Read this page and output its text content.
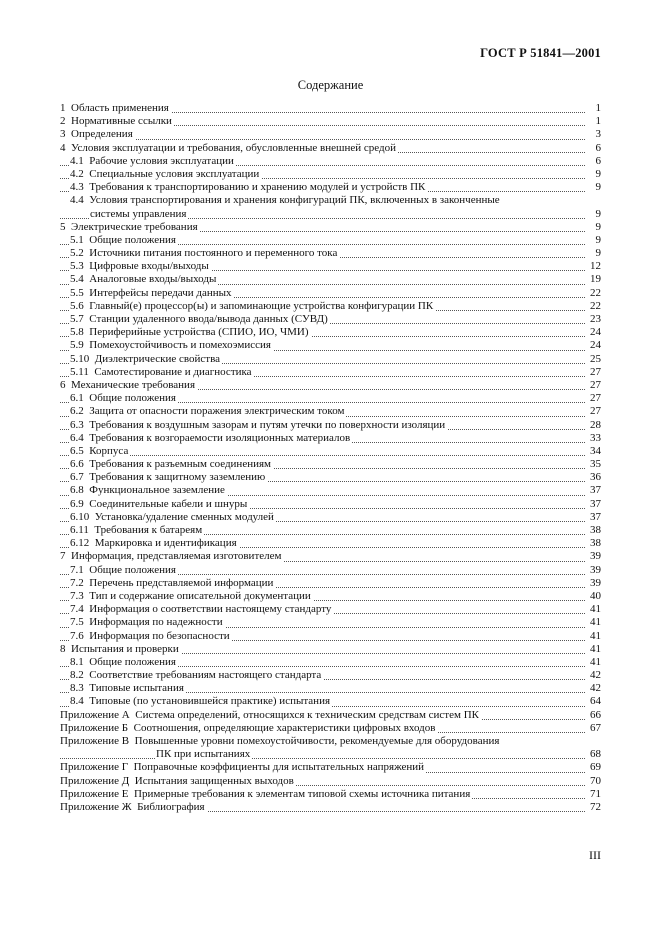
ГОСТ Р 51841—2001
Содержание
1 Область применения	1
2 Нормативные ссылки	1
3 Определения	3
4 Условия эксплуатации и требования, обусловленные внешней средой	6
4.1 Рабочие условия эксплуатации	6
4.2 Специальные условия эксплуатации	9
4.3 Требования к транспортированию и хранению модулей и устройств ПК	9
4.4 Условия транспортирования и хранения конфигураций ПК, включенных в законченные
системы управления	9
5 Электрические требования	9
5.1 Общие положения	9
5.2 Источники питания постоянного и переменного тока	9
5.3 Цифровые входы/выходы	12
5.4 Аналоговые входы/выходы	19
5.5 Интерфейсы передачи данных	22
5.6 Главный(е) процессор(ы) и запоминающие устройства конфигурации ПК	22
5.7 Станции удаленного ввода/вывода данных (СУВД)	23
5.8 Периферийные устройства (СПИО, ИО, ЧМИ)	24
5.9 Помехоустойчивость и помехоэмиссия	24
5.10 Диэлектрические свойства	25
5.11 Самотестирование и диагностика	27
6 Механические требования	27
6.1 Общие положения	27
6.2 Защита от опасности поражения электрическим током	27
6.3 Требования к воздушным зазорам и путям утечки по поверхности изоляции	28
6.4 Требования к возгораемости изоляционных материалов	33
6.5 Корпуса	34
6.6 Требования к разъемным соединениям	35
6.7 Требования к защитному заземлению	36
6.8 Функциональное заземление	37
6.9 Соединительные кабели и шнуры	37
6.10 Установка/удаление сменных модулей	37
6.11 Требования к батареям	38
6.12 Маркировка и идентификация	38
7 Информация, представляемая изготовителем	39
7.1 Общие положения	39
7.2 Перечень представляемой информации	39
7.3 Тип и содержание описательной документации	40
7.4 Информация о соответствии настоящему стандарту	41
7.5 Информация по надежности	41
7.6 Информация по безопасности	41
8 Испытания и проверки	41
8.1 Общие положения	41
8.2 Соответствие требованиям настоящего стандарта	42
8.3 Типовые испытания	42
8.4 Типовые (по установившейся практике) испытания	64
Приложение А Система определений, относящихся к техническим средствам систем ПК	66
Приложение Б Соотношения, определяющие характеристики цифровых входов	67
Приложение В Повышенные уровни помехоустойчивости, рекомендуемые для оборудования
ПК при испытаниях	68
Приложение Г Поправочные коэффициенты для испытательных напряжений	69
Приложение Д Испытания защищенных выходов	70
Приложение Е Примерные требования к элементам типовой схемы источника питания	71
Приложение Ж Библиография	72
III
